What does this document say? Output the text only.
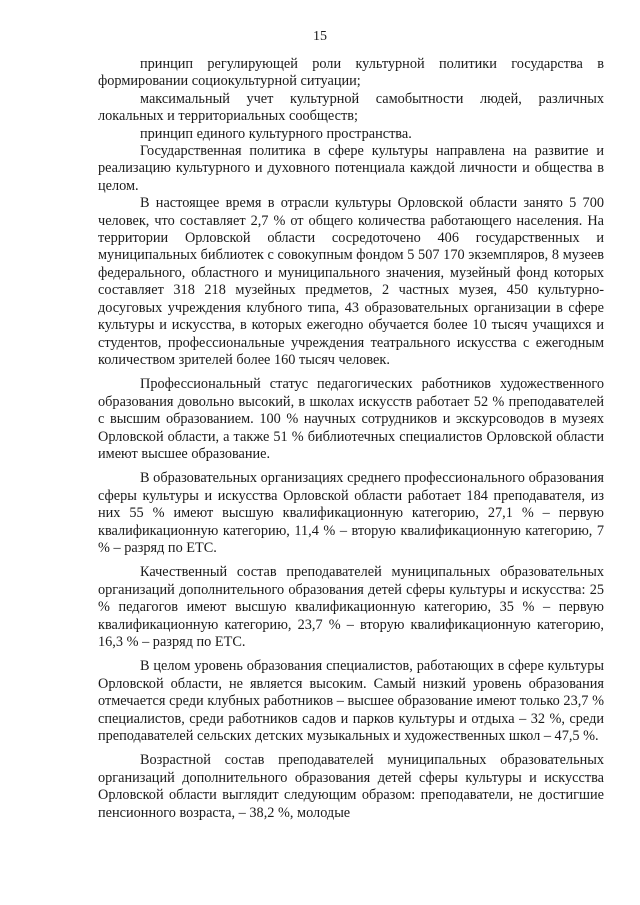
15

принцип регулирующей роли культурной политики государства в формировании социокультурной ситуации;

максимальный учет культурной самобытности людей, различных локальных и территориальных сообществ;

принцип единого культурного пространства.

Государственная политика в сфере культуры направлена на развитие и реализацию культурного и духовного потенциала каждой личности и общества в целом.

В настоящее время в отрасли культуры Орловской области занято 5 700 человек, что составляет 2,7 % от общего количества работающего населения. На территории Орловской области сосредоточено 406 государственных и муниципальных библиотек с совокупным фондом 5 507 170 экземпляров, 8 музеев федерального, областного и муниципального значения, музейный фонд которых составляет 318 218 музейных предметов, 2 частных музея, 450 культурно-досуговых учреждения клубного типа, 43 образовательных организации в сфере культуры и искусства, в которых ежегодно обучается более 10 тысяч учащихся и студентов, профессиональные учреждения театрального искусства с ежегодным количеством зрителей более 160 тысяч человек.

Профессиональный статус педагогических работников художественного образования довольно высокий, в школах искусств работает 52 % преподавателей с высшим образованием. 100 % научных сотрудников и экскурсоводов в музеях Орловской области, а также 51 % библиотечных специалистов Орловской области имеют высшее образование.

В образовательных организациях среднего профессионального образования сферы культуры и искусства Орловской области работает 184 преподавателя, из них 55 % имеют высшую квалификационную категорию, 27,1 % – первую квалификационную категорию, 11,4 % – вторую квалификационную категорию, 7 % – разряд по ЕТС.

Качественный состав преподавателей муниципальных образовательных организаций дополнительного образования детей сферы культуры и искусства: 25 % педагогов имеют высшую квалификационную категорию, 35 % – первую квалификационную категорию, 23,7 % – вторую квалификационную категорию, 16,3 % – разряд по ЕТС.

В целом уровень образования специалистов, работающих в сфере культуры Орловской области, не является высоким. Самый низкий уровень образования отмечается среди клубных работников – высшее образование имеют только 23,7 % специалистов, среди работников садов и парков культуры и отдыха – 32 %, среди преподавателей сельских детских музыкальных и художественных школ – 47,5 %.

Возрастной состав преподавателей муниципальных образовательных организаций дополнительного образования детей сферы культуры и искусства Орловской области выглядит следующим образом: преподаватели, не достигшие пенсионного возраста, – 38,2 %, молодые
